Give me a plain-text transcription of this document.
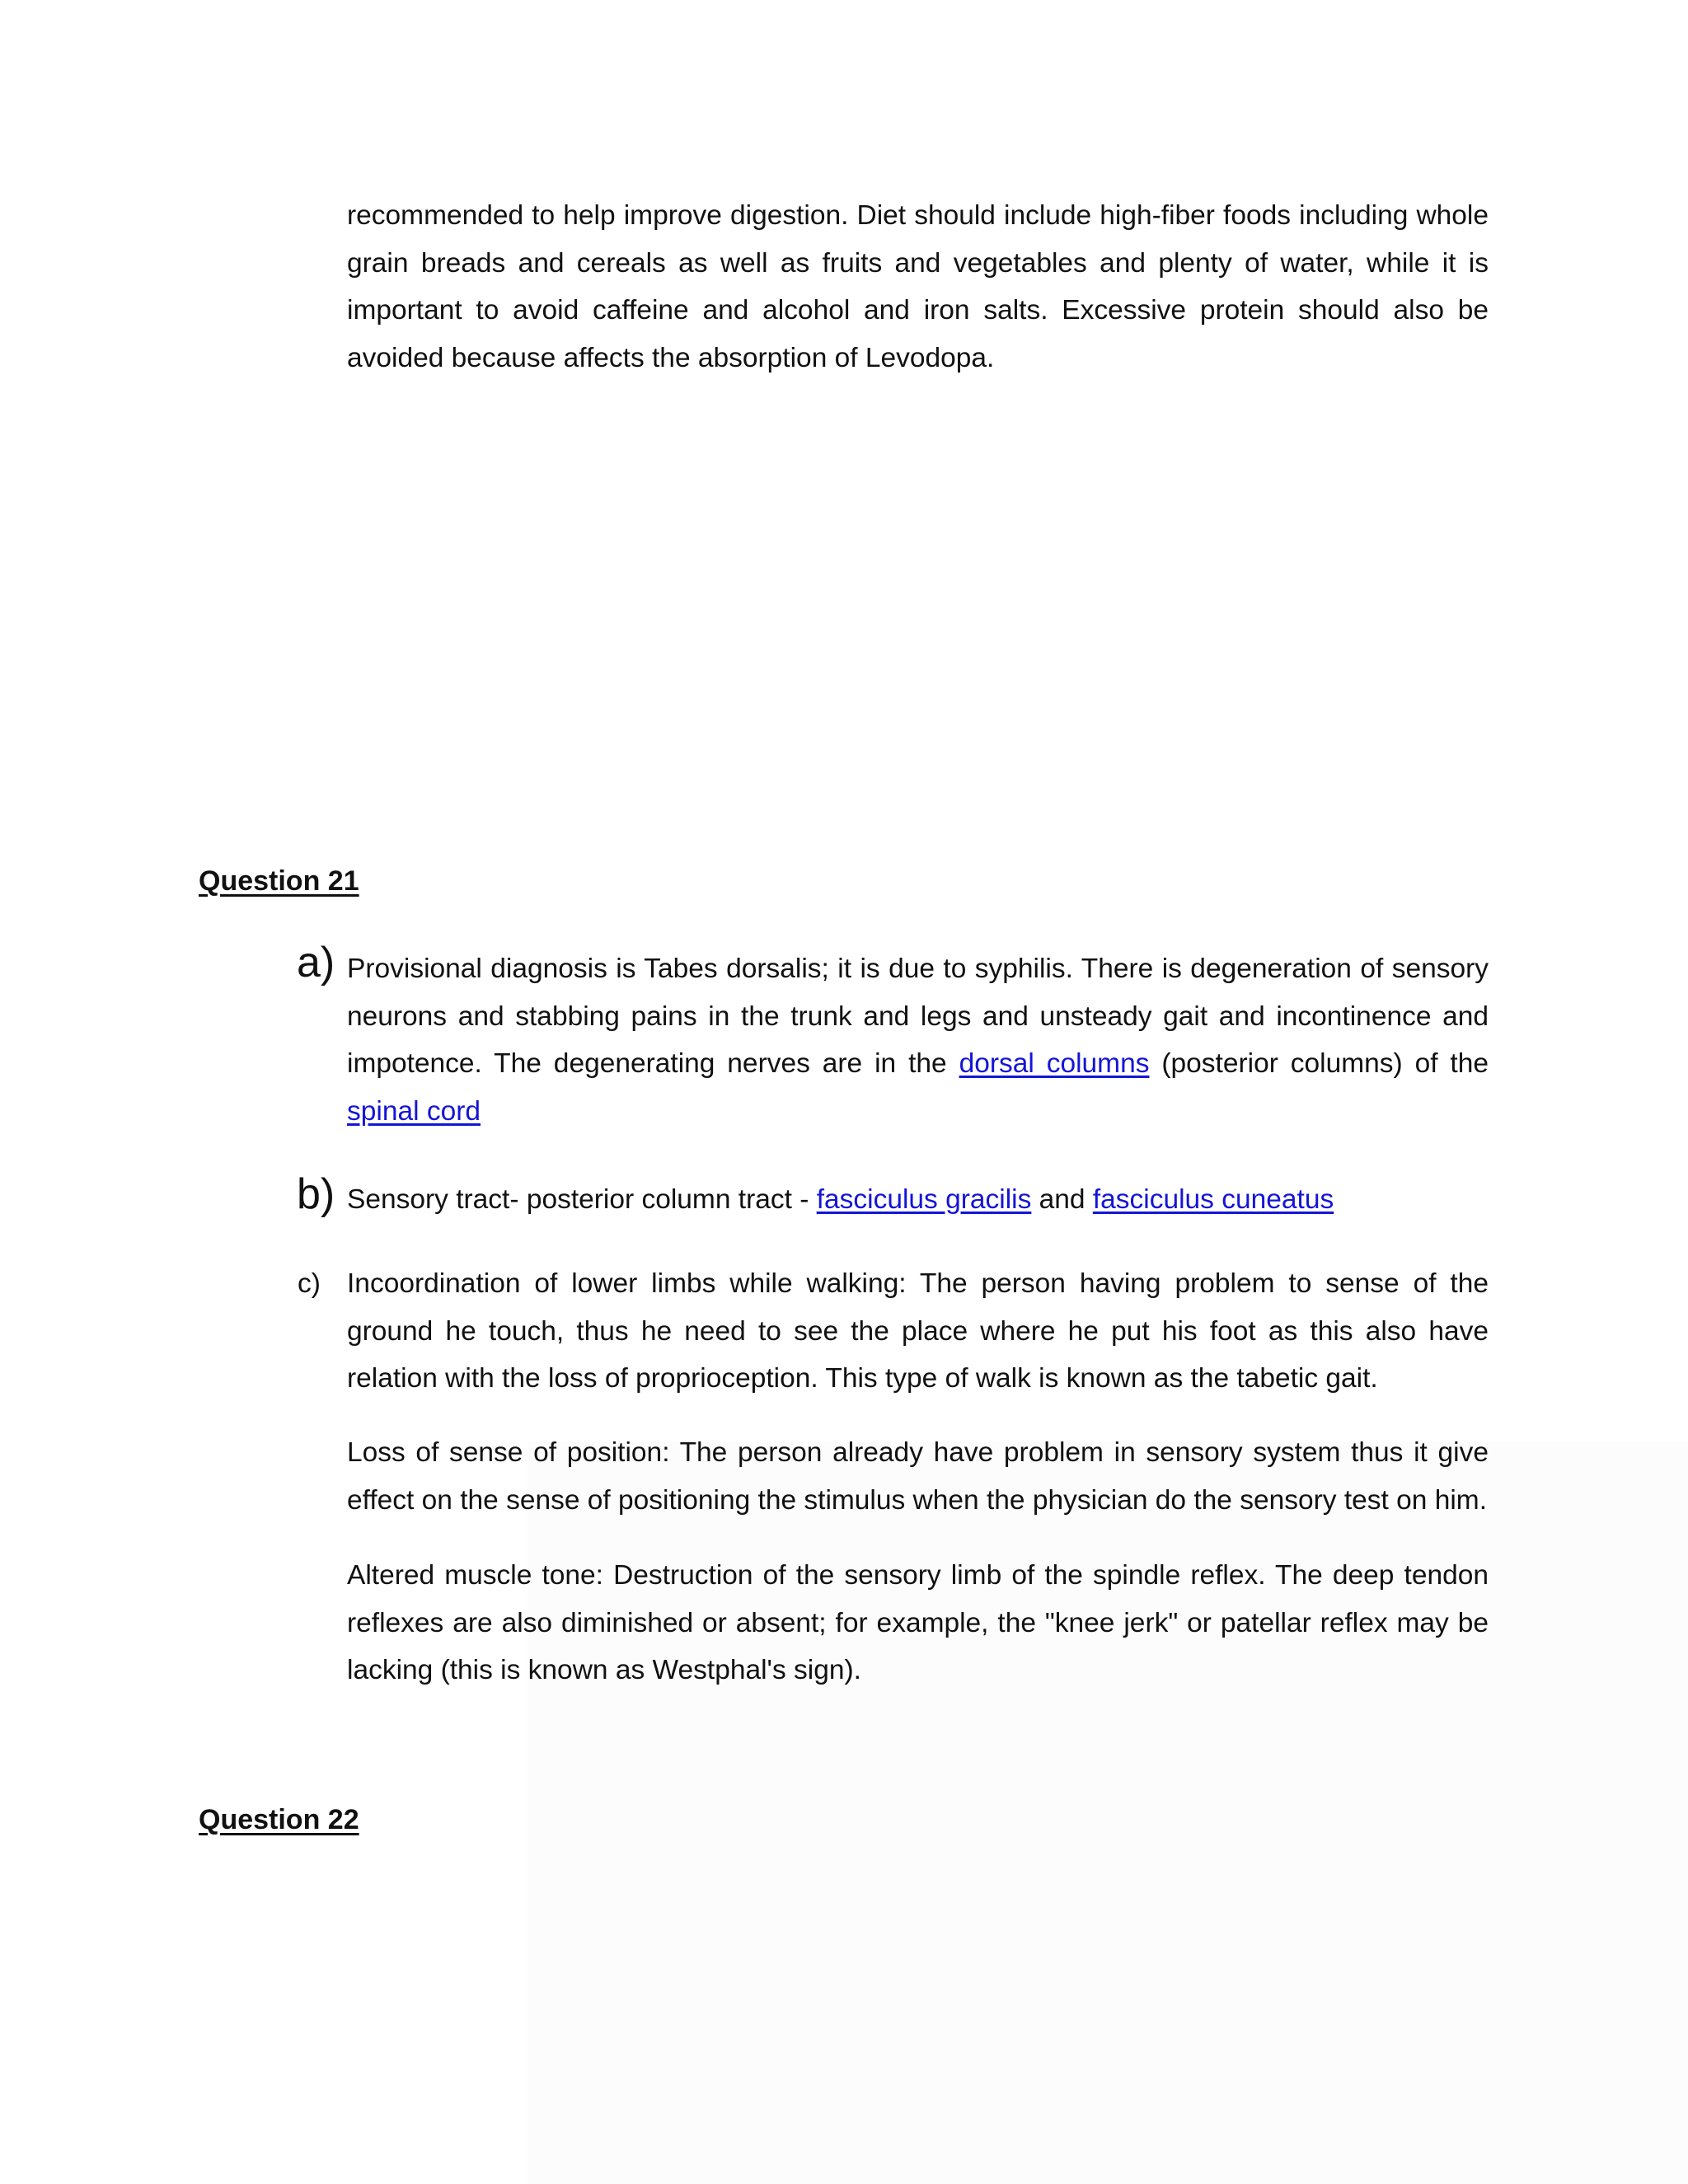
recommended to help improve digestion. Diet should include high-fiber foods including whole grain breads and cereals as well as fruits and vegetables and plenty of water, while it is important to avoid caffeine and alcohol and iron salts. Excessive protein should also be avoided because affects the absorption of Levodopa.

Question 21
a) Provisional diagnosis is Tabes dorsalis; it is due to syphilis. There is degeneration of sensory neurons and stabbing pains in the trunk and legs and unsteady gait and incontinence and impotence. The degenerating nerves are in the dorsal columns (posterior columns) of the spinal cord

b) Sensory tract- posterior column tract - fasciculus gracilis and fasciculus cuneatus

c) Incoordination of lower limbs while walking: The person having problem to sense of the ground he touch, thus he need to see the place where he put his foot as this also have relation with the loss of proprioception. This type of walk is known as the tabetic gait.

Loss of sense of position: The person already have problem in sensory system thus it give effect on the sense of positioning the stimulus when the physician do the sensory test on him.

Altered muscle tone: Destruction of the sensory limb of the spindle reflex. The deep tendon reflexes are also diminished or absent; for example, the "knee jerk" or patellar reflex may be lacking (this is known as Westphal's sign).

Question 22
